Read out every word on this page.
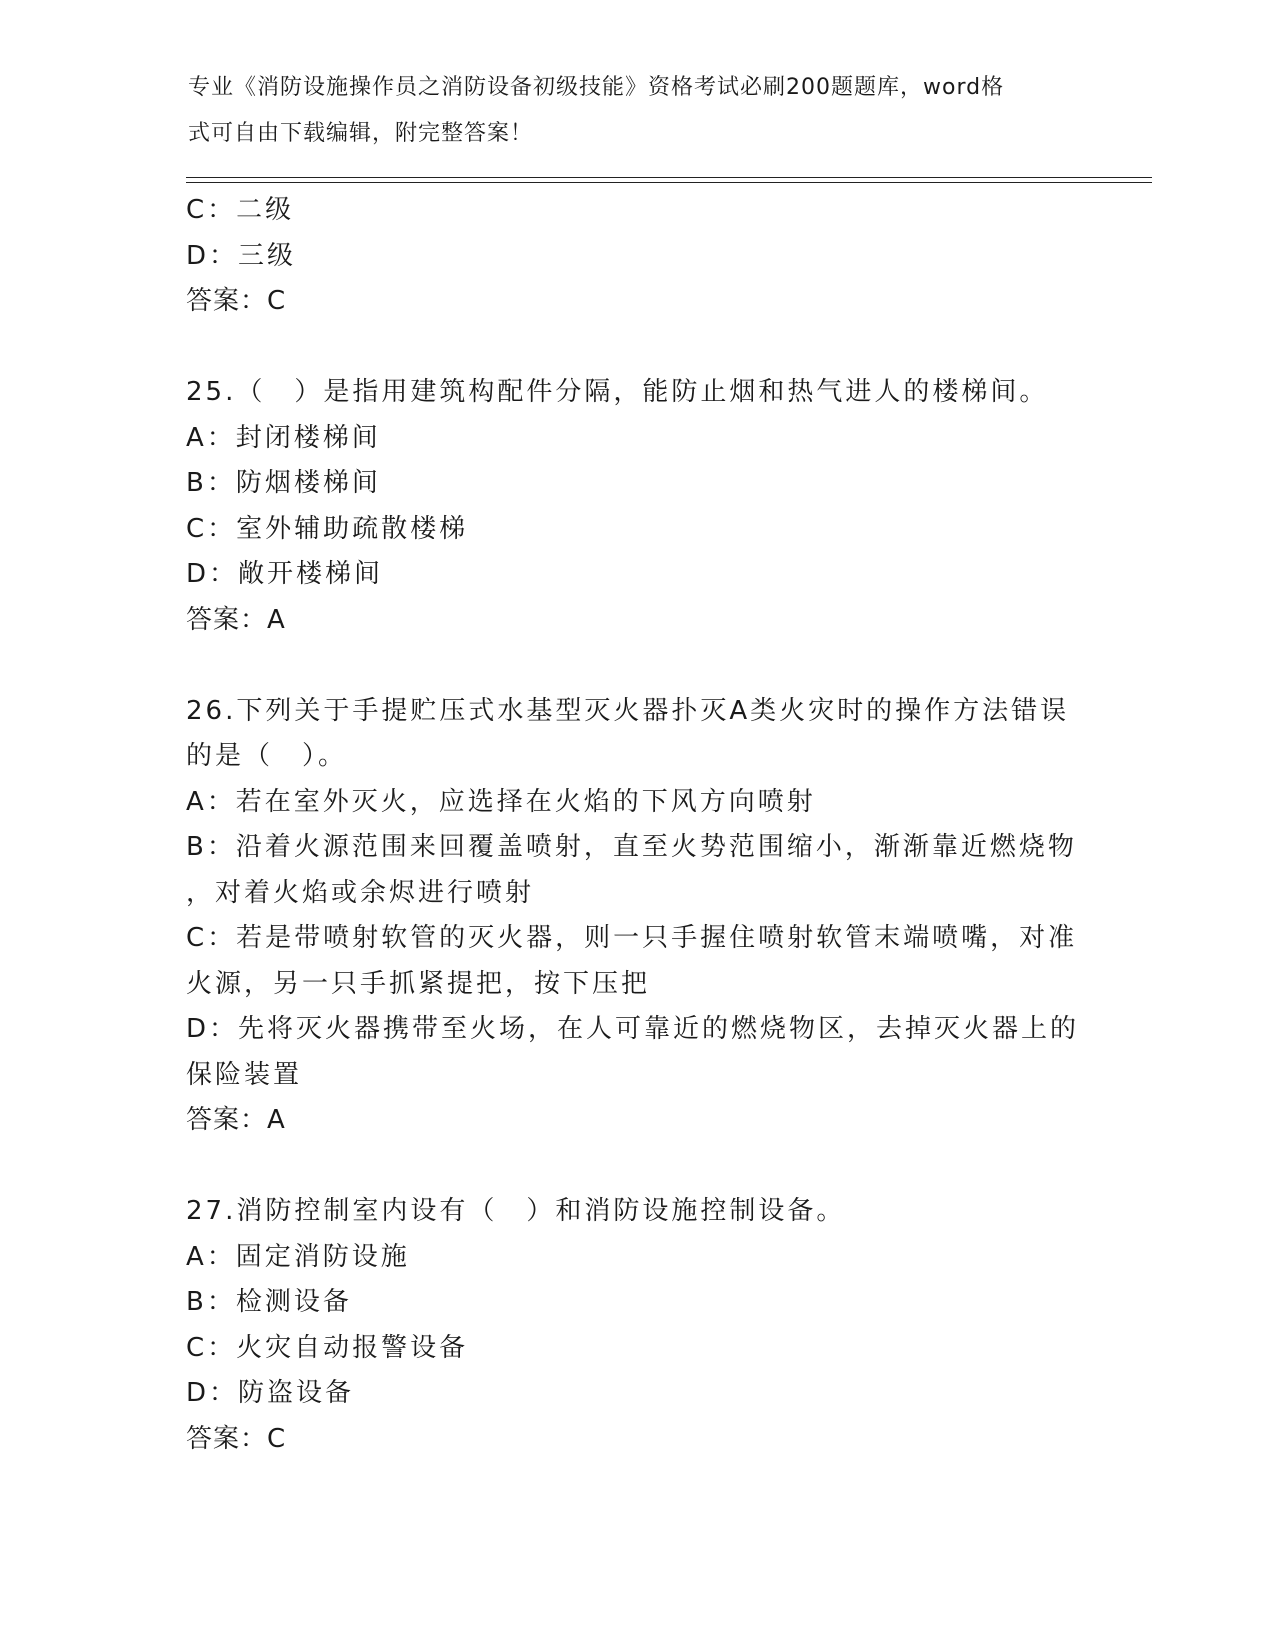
专业《消防设施操作员之消防设备初级技能》资格考试必刷200题题库，word格
式可自由下载编辑，附完整答案！
C：二级
D：三级
答案：C
25.（　）是指用建筑构配件分隔，能防止烟和热气进人的楼梯间。
A：封闭楼梯间
B：防烟楼梯间
C：室外辅助疏散楼梯
D：敞开楼梯间
答案：A
26.下列关于手提贮压式水基型灭火器扑灭A类火灾时的操作方法错误
的是（　）。
A：若在室外灭火，应选择在火焰的下风方向喷射
B：沿着火源范围来回覆盖喷射，直至火势范围缩小，渐渐靠近燃烧物
，对着火焰或余烬进行喷射
C：若是带喷射软管的灭火器，则一只手握住喷射软管末端喷嘴，对准
火源，另一只手抓紧提把，按下压把
D：先将灭火器携带至火场，在人可靠近的燃烧物区，去掉灭火器上的
保险装置
答案：A
27.消防控制室内设有（　）和消防设施控制设备。
A：固定消防设施
B：检测设备
C：火灾自动报警设备
D：防盗设备
答案：C
